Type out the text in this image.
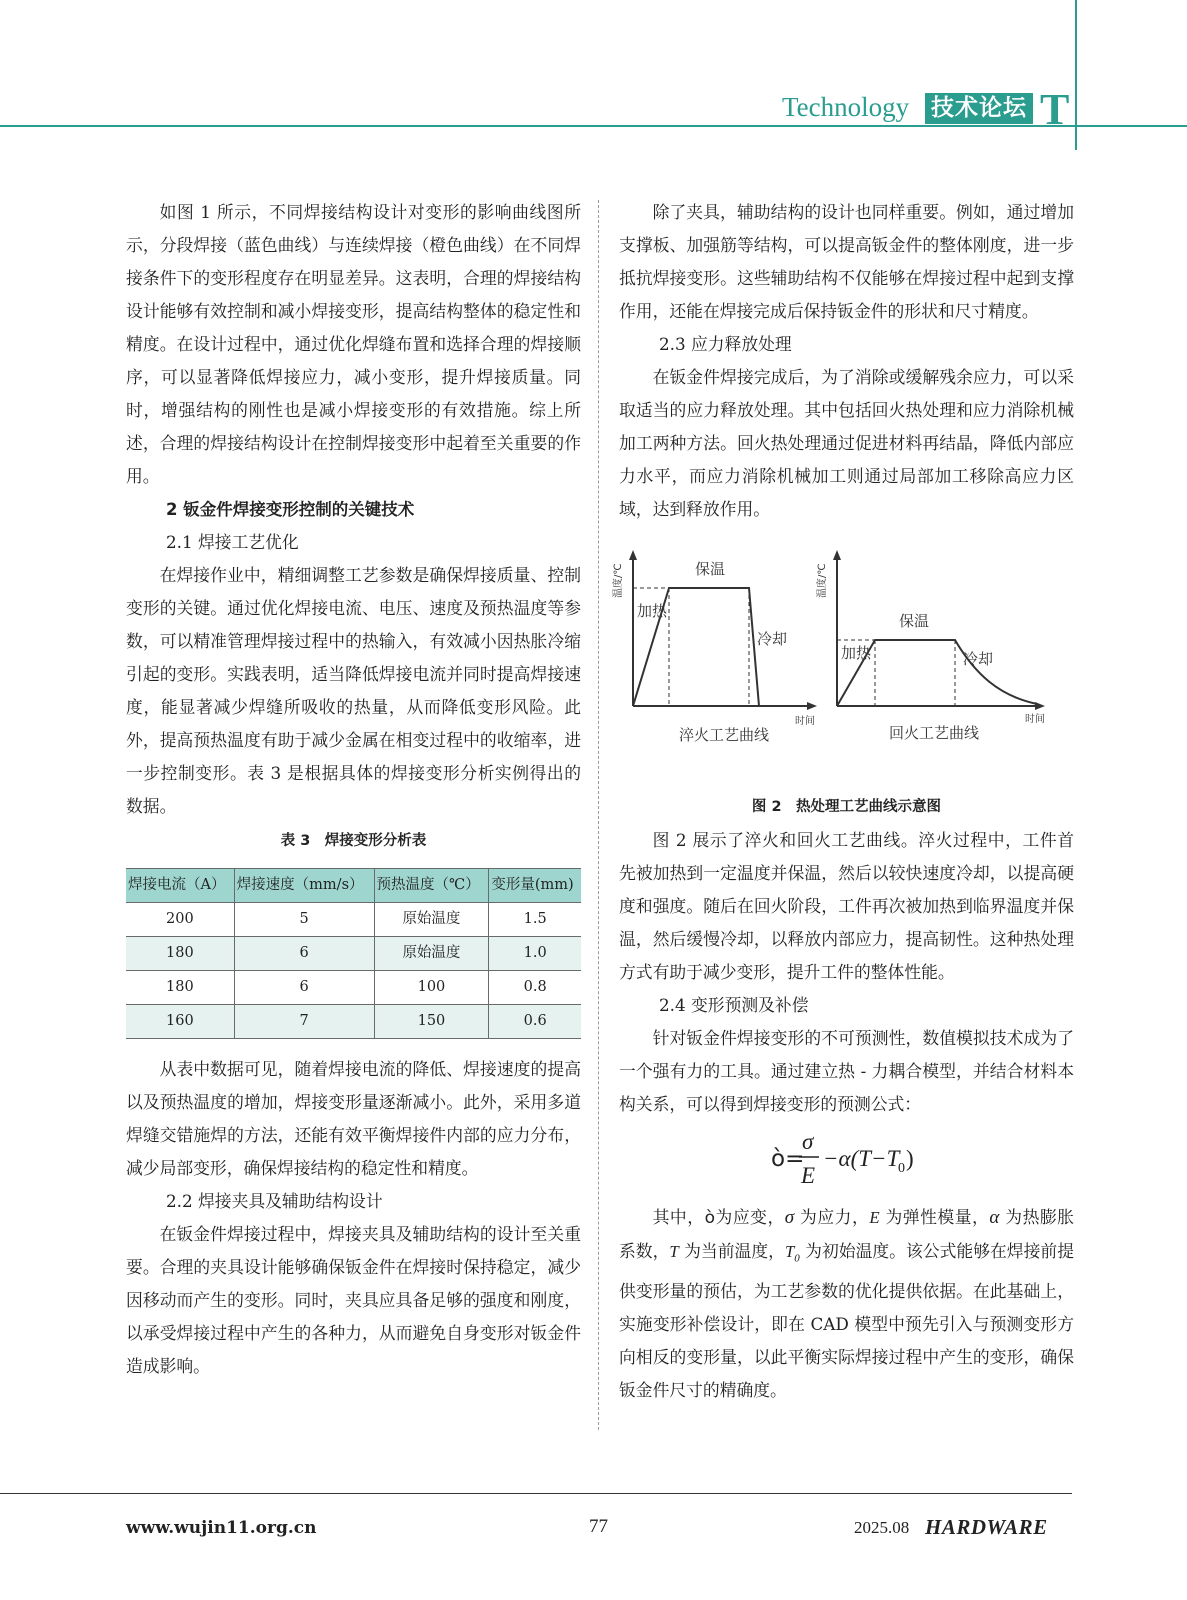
Technology 技术论坛 T

如图 1 所示，不同焊接结构设计对变形的影响曲线图所示，分段焊接（蓝色曲线）与连续焊接（橙色曲线）在不同焊接条件下的变形程度存在明显差异。这表明，合理的焊接结构设计能够有效控制和减小焊接变形，提高结构整体的稳定性和精度。在设计过程中，通过优化焊缝布置和选择合理的焊接顺序，可以显著降低焊接应力，减小变形，提升焊接质量。同时，增强结构的刚性也是减小焊接变形的有效措施。综上所述，合理的焊接结构设计在控制焊接变形中起着至关重要的作用。

2 钣金件焊接变形控制的关键技术
2.1 焊接工艺优化

在焊接作业中，精细调整工艺参数是确保焊接质量、控制变形的关键。通过优化焊接电流、电压、速度及预热温度等参数，可以精准管理焊接过程中的热输入，有效减小因热胀冷缩引起的变形。实践表明，适当降低焊接电流并同时提高焊接速度，能显著减少焊缝所吸收的热量，从而降低变形风险。此外，提高预热温度有助于减少金属在相变过程中的收缩率，进一步控制变形。表 3 是根据具体的焊接变形分析实例得出的数据。

表 3　焊接变形分析表
焊接电流（A）	焊接速度（mm/s）	预热温度（℃）	变形量(mm)
200	5	原始温度	1.5
180	6	原始温度	1.0
180	6	100	0.8
160	7	150	0.6

从表中数据可见，随着焊接电流的降低、焊接速度的提高以及预热温度的增加，焊接变形量逐渐减小。此外，采用多道焊缝交错施焊的方法，还能有效平衡焊接件内部的应力分布，减少局部变形，确保焊接结构的稳定性和精度。

2.2 焊接夹具及辅助结构设计

在钣金件焊接过程中，焊接夹具及辅助结构的设计至关重要。合理的夹具设计能够确保钣金件在焊接时保持稳定，减少因移动而产生的变形。同时，夹具应具备足够的强度和刚度，以承受焊接过程中产生的各种力，从而避免自身变形对钣金件造成影响。

除了夹具，辅助结构的设计也同样重要。例如，通过增加支撑板、加强筋等结构，可以提高钣金件的整体刚度，进一步抵抗焊接变形。这些辅助结构不仅能够在焊接过程中起到支撑作用，还能在焊接完成后保持钣金件的形状和尺寸精度。

2.3 应力释放处理

在钣金件焊接完成后，为了消除或缓解残余应力，可以采取适当的应力释放处理。其中包括回火热处理和应力消除机械加工两种方法。回火热处理通过促进材料再结晶，降低内部应力水平，而应力消除机械加工则通过局部加工移除高应力区域，达到释放作用。

温度/℃	保温
加热
冷却
时间
淬火工艺曲线
温度/℃
保温
加热	冷却
时间
回火工艺曲线
图 2　热处理工艺曲线示意图

图 2 展示了淬火和回火工艺曲线。淬火过程中，工件首先被加热到一定温度并保温，然后以较快速度冷却，以提高硬度和强度。随后在回火阶段，工件再次被加热到临界温度并保温，然后缓慢冷却，以释放内部应力，提高韧性。这种热处理方式有助于减少变形，提升工件的整体性能。

2.4 变形预测及补偿

针对钣金件焊接变形的不可预测性，数值模拟技术成为了一个强有力的工具。通过建立热 - 力耦合模型，并结合材料本构关系，可以得到焊接变形的预测公式：

ò=
σ
E
−α(T−T
0 )

其中，ò为应变，σ 为应力，E 为弹性模量，α 为热膨胀系数，T 为当前温度，$T_0$ 为初始温度。该公式能够在焊接前提供变形量的预估，为工艺参数的优化提供依据。在此基础上，实施变形补偿设计，即在 CAD 模型中预先引入与预测变形方向相反的变形量，以此平衡实际焊接过程中产生的变形，确保钣金件尺寸的精确度。

www.wujin11.org.cn	77	2025.08 HARDWARE
